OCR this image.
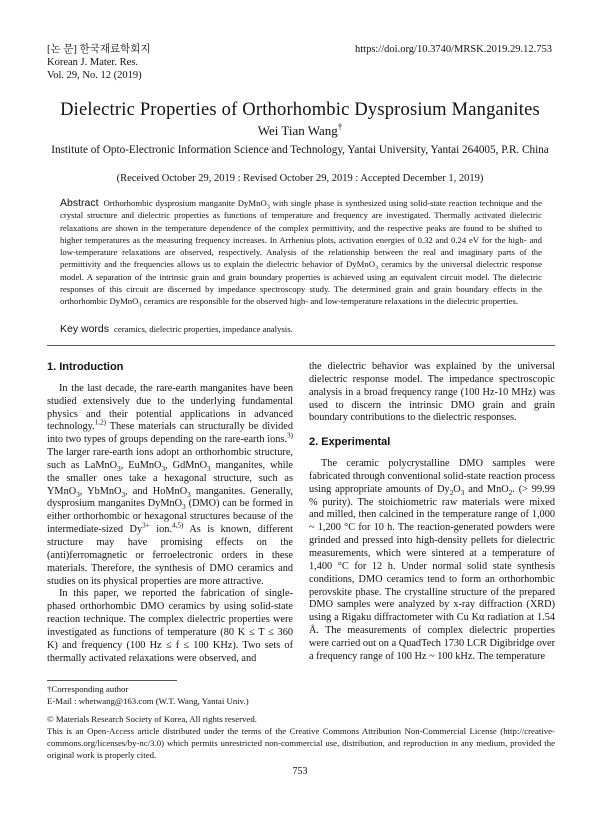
[논 문] 한국재료학회지
Korean J. Mater. Res.
Vol. 29, No. 12 (2019)
https://doi.org/10.3740/MRSK.2019.29.12.753
Dielectric Properties of Orthorhombic Dysprosium Manganites
Wei Tian Wang†
Institute of Opto-Electronic Information Science and Technology, Yantai University, Yantai 264005, P.R. China
(Received October 29, 2019 : Revised October 29, 2019 : Accepted December 1, 2019)
Abstract Orthorhombic dysprosium manganite DyMnO$_3$ with single phase is synthesized using solid-state reaction technique and the crystal structure and dielectric properties as functions of temperature and frequency are investigated. Thermally activated dielectric relaxations are shown in the temperature dependence of the complex permittivity, and the respective peaks are found to be shifted to higher temperatures as the measuring frequency increases. In Arrhenius plots, activation energies of 0.32 and 0.24 eV for the high- and low-temperature relaxations are observed, respectively. Analysis of the relationship between the real and imaginary parts of the permittivity and the frequencies allows us to explain the dielectric behavior of DyMnO$_3$ ceramics by the universal dielectric response model. A separation of the intrinsic grain and grain boundary properties is achieved using an equivalent circuit model. The dielectric responses of this circuit are discerned by impedance spectroscopy study. The determined grain and grain boundary effects in the orthorhombic DyMnO$_3$ ceramics are responsible for the observed high- and low-temperature relaxations in the dielectric properties.
Key words ceramics, dielectric properties, impedance analysis.
1. Introduction

In the last decade, the rare-earth manganites have been studied extensively due to the underlying fundamental physics and their potential applications in advanced technology.$^{1,2)}$ These materials can structurally be divided into two types of groups depending on the rare-earth ions.$^{3)}$ The larger rare-earth ions adopt an orthorhombic structure, such as LaMnO$_3$, EuMnO$_3$, GdMnO$_3$ manganites, while the smaller ones take a hexagonal structure, such as YMnO$_3$, YbMnO$_3$, and HoMnO$_3$ manganites. Generally, dysprosium manganites DyMnO$_3$ (DMO) can be formed in either orthorhombic or hexagonal structures because of the intermediate-sized $Dy^{3+}$ ion.$^{4,5)}$ As is known, different structure may have promising effects on the (anti)ferromagnetic or ferroelectronic orders in these materials. Therefore, the synthesis of DMO ceramics and studies on its physical properties are more attractive.

In this paper, we reported the fabrication of single-phased orthorhombic DMO ceramics by using solid-state reaction technique. The complex dielectric properties were investigated as functions of temperature (80 K ≤ T ≤ 360 K) and frequency (100 Hz ≤ f ≤ 100 KHz). Two sets of thermally activated relaxations were observed, and

the dielectric behavior was explained by the universal dielectric response model. The impedance spectroscopic analysis in a broad frequency range (100 Hz-10 MHz) was used to discern the intrinsic DMO grain and grain boundary contributions to the dielectric responses.

2. Experimental

The ceramic polycrystalline DMO samples were fabricated through conventional solid-state reaction process using appropriate amounts of $Dy_2O_3$ and MnO$_2$. (> 99.99 % purity). The stoichiometric raw materials were mixed and milled, then calcined in the temperature range of 1,000 ~ 1,200 °C for 10 h. The reaction-generated powders were grinded and pressed into high-density pellets for dielectric measurements, which were sintered at a temperature of 1,400 °C for 12 h. Under normal solid state synthesis conditions, DMO ceramics tend to form an orthorhombic perovskite phase. The crystalline structure of the prepared DMO samples were analyzed by x-ray diffraction (XRD) using a Rigaku diffractometer with Cu Kα radiation at 1.54 Å. The measurements of complex dielectric properties were carried out on a QuadTech 1730 LCR Digibridge over a frequency range of 100 Hz ~ 100 kHz. The temperature

†Corresponding author
E-Mail : whetwang@163.com (W.T. Wang, Yantai Univ.)
© Materials Research Society of Korea, All rights reserved.
This is an Open-Access article distributed under the terms of the Creative Commons Attribution Non-Commercial License (http://creative-commons.org/licenses/by-nc/3.0) which permits unrestricted non-commercial use, distribution, and reproduction in any medium, provided the original work is properly cited.
753
